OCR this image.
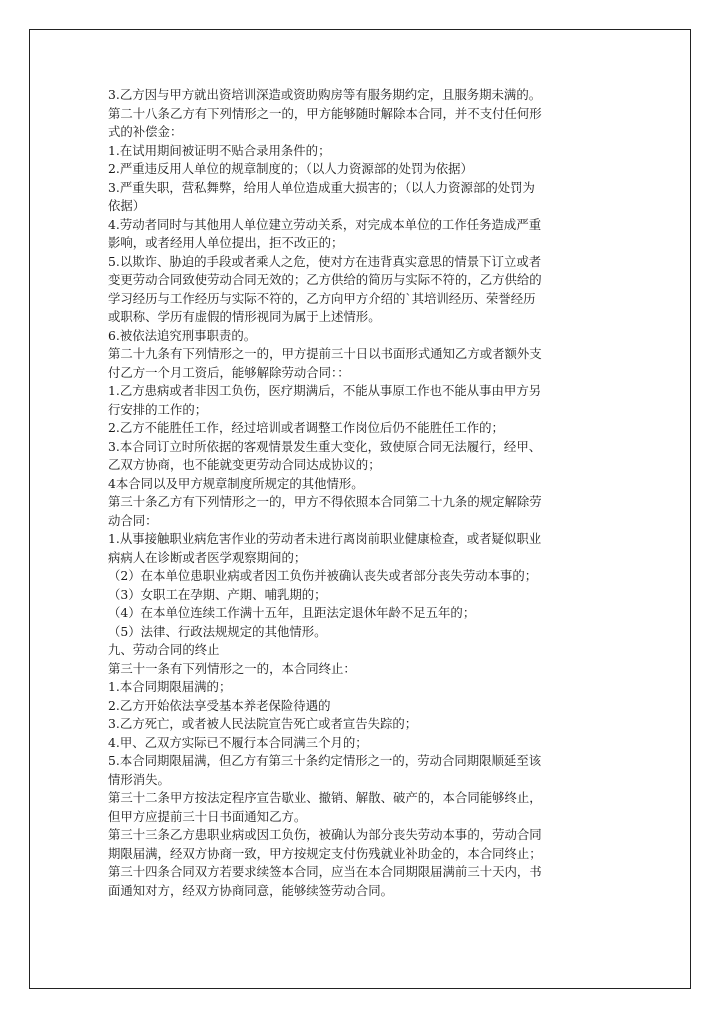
3.乙方因与甲方就出资培训深造或资助购房等有服务期约定，且服务期未满的。
第二十八条乙方有下列情形之一的，甲方能够随时解除本合同，并不支付任何形
式的补偿金：
1.在试用期间被证明不贴合录用条件的；
2.严重违反用人单位的规章制度的；（以人力资源部的处罚为依据）
3.严重失职，营私舞弊，给用人单位造成重大损害的；（以人力资源部的处罚为
依据）
4.劳动者同时与其他用人单位建立劳动关系，对完成本单位的工作任务造成严重
影响，或者经用人单位提出，拒不改正的；
5.以欺诈、胁迫的手段或者乘人之危，使对方在违背真实意思的情景下订立或者
变更劳动合同致使劳动合同无效的；乙方供给的简历与实际不符的，乙方供给的
学习经历与工作经历与实际不符的，乙方向甲方介绍的`其培训经历、荣誉经历
或职称、学历有虚假的情形视同为属于上述情形。
6.被依法追究刑事职责的。
第二十九条有下列情形之一的，甲方提前三十日以书面形式通知乙方或者额外支
付乙方一个月工资后，能够解除劳动合同：：
1.乙方患病或者非因工负伤，医疗期满后，不能从事原工作也不能从事由甲方另
行安排的工作的；
2.乙方不能胜任工作，经过培训或者调整工作岗位后仍不能胜任工作的；
3.本合同订立时所依据的客观情景发生重大变化，致使原合同无法履行，经甲、
乙双方协商，也不能就变更劳动合同达成协议的；
4本合同以及甲方规章制度所规定的其他情形。
第三十条乙方有下列情形之一的，甲方不得依照本合同第二十九条的规定解除劳
动合同：
1.从事接触职业病危害作业的劳动者未进行离岗前职业健康检查，或者疑似职业
病病人在诊断或者医学观察期间的；
（2）在本单位患职业病或者因工负伤并被确认丧失或者部分丧失劳动本事的；
（3）女职工在孕期、产期、哺乳期的；
（4）在本单位连续工作满十五年，且距法定退休年龄不足五年的；
（5）法律、行政法规规定的其他情形。
九、劳动合同的终止
第三十一条有下列情形之一的，本合同终止：
1.本合同期限届满的；
2.乙方开始依法享受基本养老保险待遇的
3.乙方死亡，或者被人民法院宣告死亡或者宣告失踪的；
4.甲、乙双方实际已不履行本合同满三个月的；
5.本合同期限届满，但乙方有第三十条约定情形之一的，劳动合同期限顺延至该
情形消失。
第三十二条甲方按法定程序宣告歇业、撤销、解散、破产的，本合同能够终止，
但甲方应提前三十日书面通知乙方。
第三十三条乙方患职业病或因工负伤，被确认为部分丧失劳动本事的，劳动合同
期限届满，经双方协商一致，甲方按规定支付伤残就业补助金的，本合同终止；
第三十四条合同双方若要求续签本合同，应当在本合同期限届满前三十天内，书
面通知对方，经双方协商同意，能够续签劳动合同。
